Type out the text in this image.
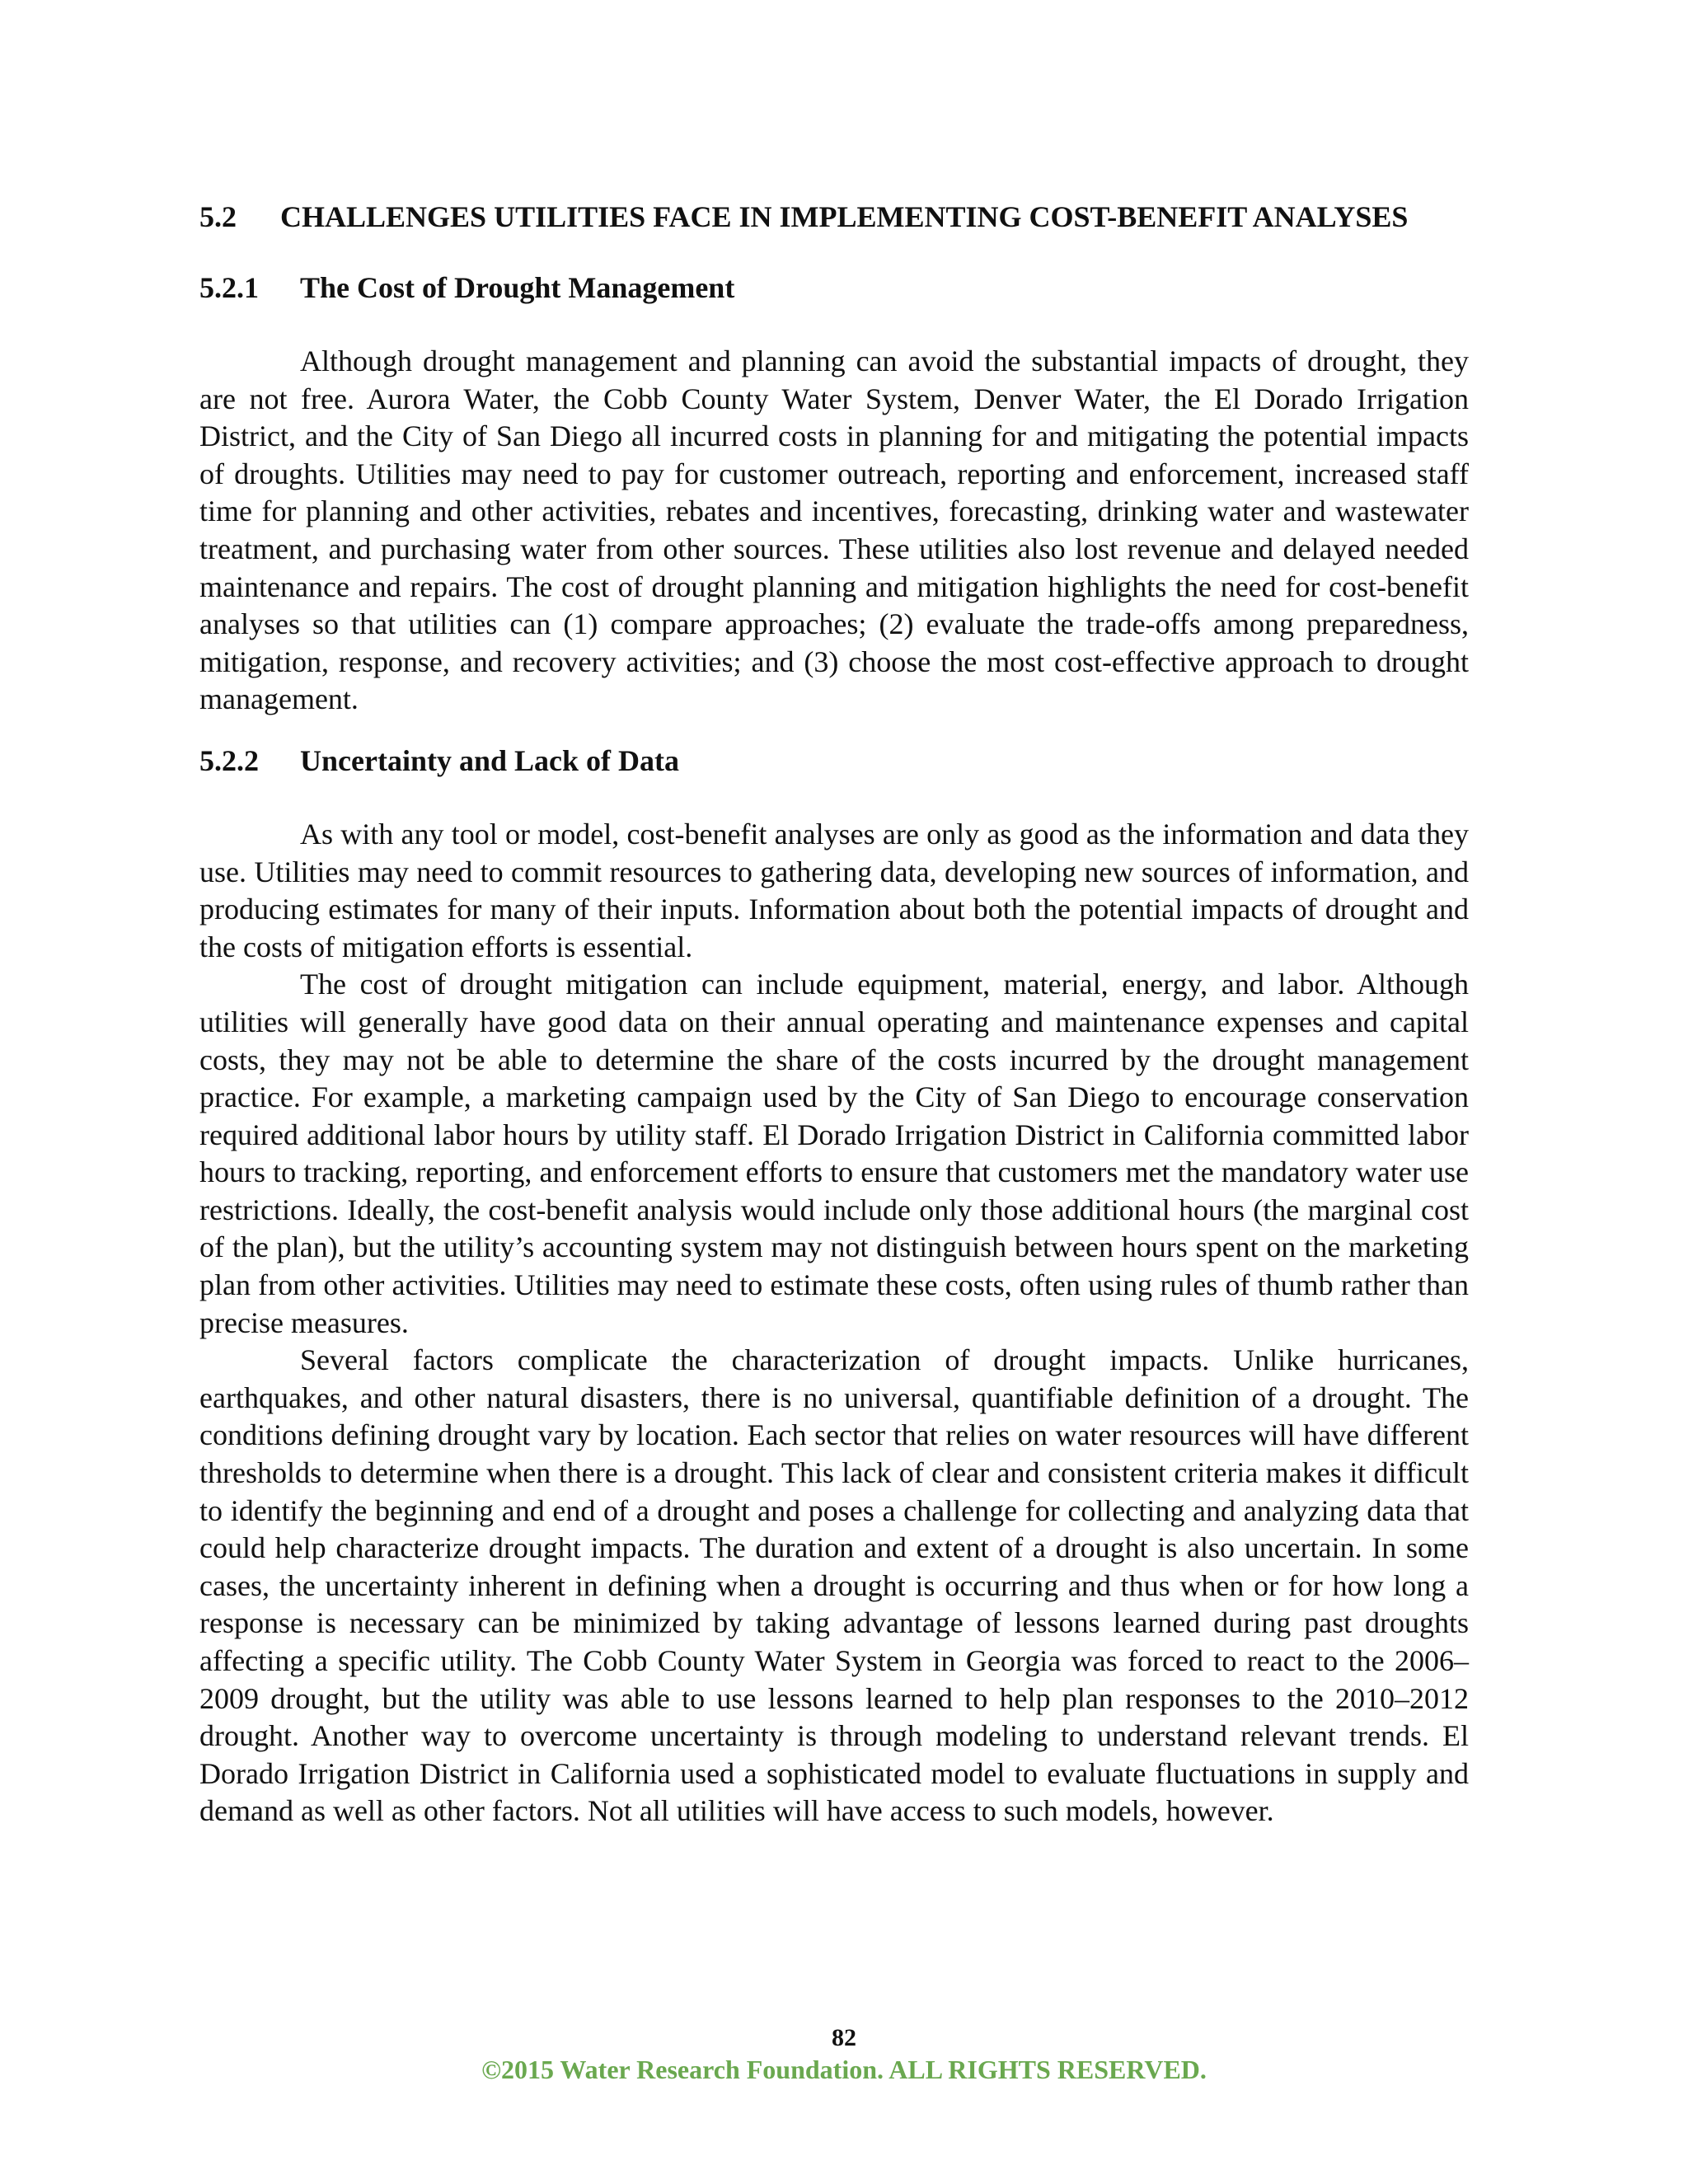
5.2	CHALLENGES UTILITIES FACE IN IMPLEMENTING COST-BENEFIT ANALYSES
5.2.1	The Cost of Drought Management

Although drought management and planning can avoid the substantial impacts of drought, they are not free. Aurora Water, the Cobb County Water System, Denver Water, the El Dorado Irrigation District, and the City of San Diego all incurred costs in planning for and mitigating the potential impacts of droughts. Utilities may need to pay for customer outreach, reporting and enforcement, increased staff time for planning and other activities, rebates and incentives, forecasting, drinking water and wastewater treatment, and purchasing water from other sources. These utilities also lost revenue and delayed needed maintenance and repairs. The cost of drought planning and mitigation highlights the need for cost-benefit analyses so that utilities can (1) compare approaches; (2) evaluate the trade-offs among preparedness, mitigation, response, and recovery activities; and (3) choose the most cost-effective approach to drought management.

5.2.2	Uncertainty and Lack of Data

As with any tool or model, cost-benefit analyses are only as good as the information and data they use. Utilities may need to commit resources to gathering data, developing new sources of information, and producing estimates for many of their inputs. Information about both the potential impacts of drought and the costs of mitigation efforts is essential.

The cost of drought mitigation can include equipment, material, energy, and labor. Although utilities will generally have good data on their annual operating and maintenance expenses and capital costs, they may not be able to determine the share of the costs incurred by the drought management practice. For example, a marketing campaign used by the City of San Diego to encourage conservation required additional labor hours by utility staff. El Dorado Irrigation District in California committed labor hours to tracking, reporting, and enforcement efforts to ensure that customers met the mandatory water use restrictions. Ideally, the cost-benefit analysis would include only those additional hours (the marginal cost of the plan), but the utility’s accounting system may not distinguish between hours spent on the marketing plan from other activities. Utilities may need to estimate these costs, often using rules of thumb rather than precise measures.

Several factors complicate the characterization of drought impacts. Unlike hurricanes, earthquakes, and other natural disasters, there is no universal, quantifiable definition of a drought. The conditions defining drought vary by location. Each sector that relies on water resources will have different thresholds to determine when there is a drought. This lack of clear and consistent criteria makes it difficult to identify the beginning and end of a drought and poses a challenge for collecting and analyzing data that could help characterize drought impacts. The duration and extent of a drought is also uncertain. In some cases, the uncertainty inherent in defining when a drought is occurring and thus when or for how long a response is necessary can be minimized by taking advantage of lessons learned during past droughts affecting a specific utility. The Cobb County Water System in Georgia was forced to react to the 2006–2009 drought, but the utility was able to use lessons learned to help plan responses to the 2010–2012 drought. Another way to overcome uncertainty is through modeling to understand relevant trends. El Dorado Irrigation District in California used a sophisticated model to evaluate fluctuations in supply and demand as well as other factors. Not all utilities will have access to such models, however.

82
©2015 Water Research Foundation. ALL RIGHTS RESERVED.
